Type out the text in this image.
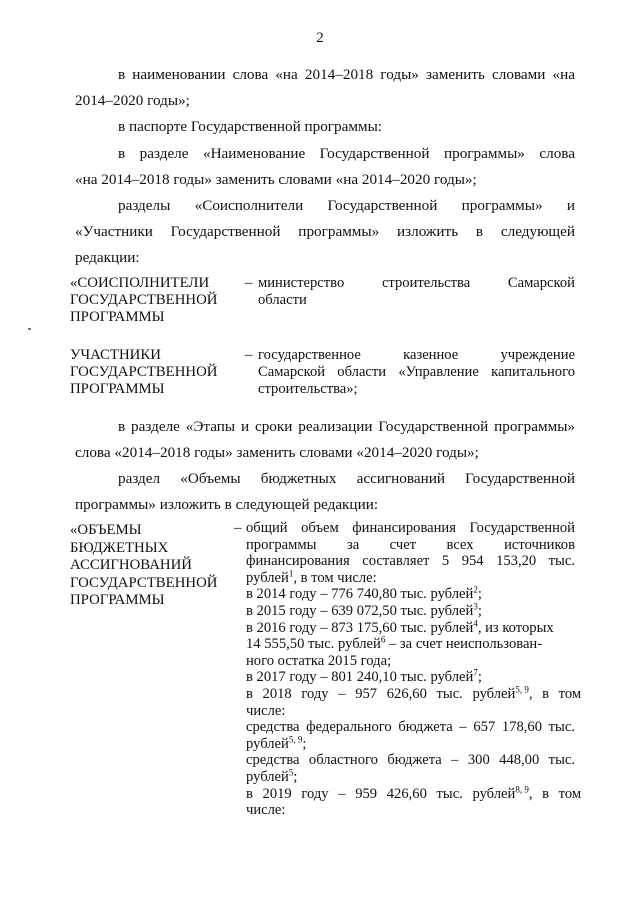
2
в наименовании слова «на 2014–2018 годы» заменить словами «на
2014–2020 годы»;
в паспорте Государственной программы:
в разделе «Наименование Государственной программы» слова
«на 2014–2018 годы» заменить словами «на 2014–2020 годы»;
разделы «Соисполнители Государственной программы» и
«Участники Государственной программы» изложить в следующей
редакции:
«СОИСПОЛНИТЕЛИ
ГОСУДАРСТВЕННОЙ
ПРОГРАММЫ
– министерство строительства Самарской
области
УЧАСТНИКИ
ГОСУДАРСТВЕННОЙ
ПРОГРАММЫ
– государственное казенное учреждение
Самарской области «Управление капитального
строительства»;
в разделе «Этапы и сроки реализации Государственной программы»
слова «2014–2018 годы» заменить словами «2014–2020 годы»;
раздел «Объемы бюджетных ассигнований Государственной
программы» изложить в следующей редакции:
«ОБЪЕМЫ
БЮДЖЕТНЫХ
АССИГНОВАНИЙ
ГОСУДАРСТВЕННОЙ
ПРОГРАММЫ
– общий объем финансирования Государственной
программы за счет всех источников
финансирования составляет 5 954 153,20 тыс.
рублей$^1$, в том числе:
в 2014 году – 776 740,80 тыс. рублей$^2$;
в 2015 году – 639 072,50 тыс. рублей$^3$;
в 2016 году – 873 175,60 тыс. рублей$^4$, из которых
14 555,50 тыс. рублей$^6$ – за счет неиспользован-
ного остатка 2015 года;
в 2017 году – 801 240,10 тыс. рублей$^7$;
в 2018 году – 957 626,60 тыс. рублей$^{5, 9}$, в том
числе:
средства федерального бюджета – 657 178,60 тыс.
рублей$^{5, 9}$;
средства областного бюджета – 300 448,00 тыс.
рублей$^5$;
в 2019 году – 959 426,60 тыс. рублей$^{8, 9}$, в том
числе:
